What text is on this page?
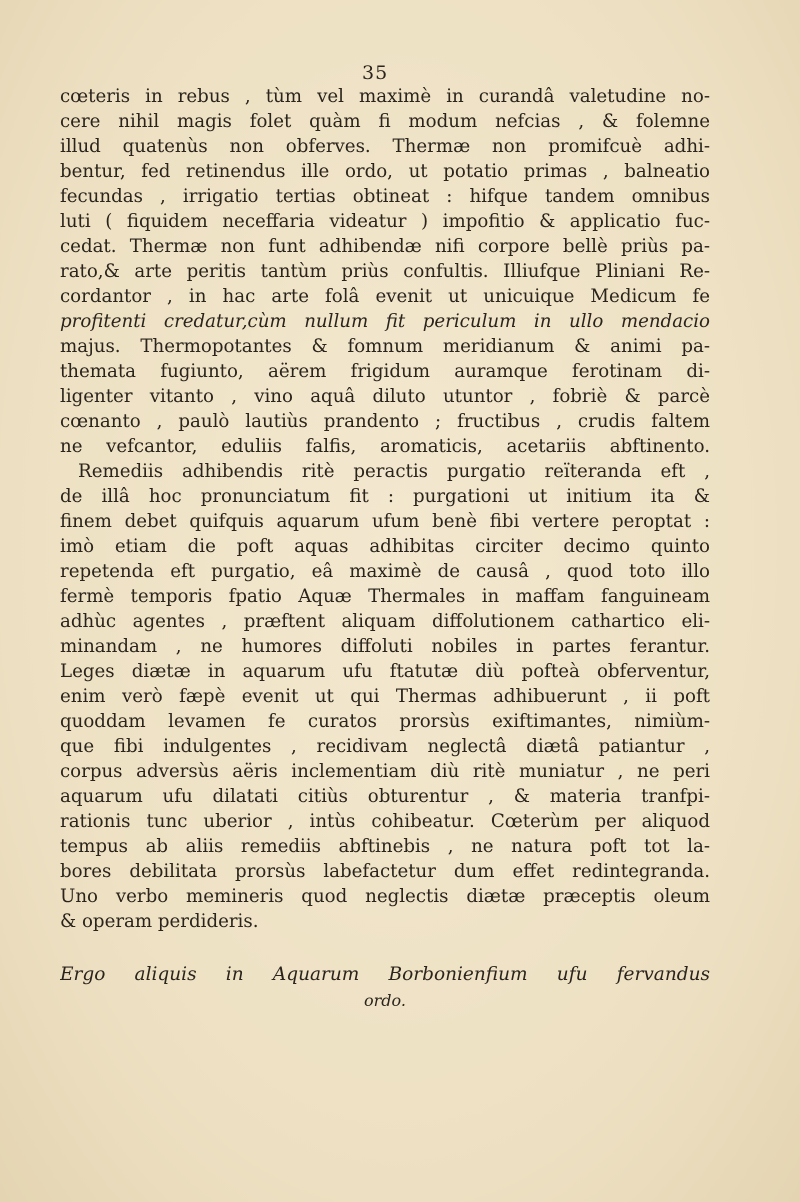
35
cœteris in rebus , tùm vel maximè in curandâ valetudine no-
cere nihil magis folet quàm fi modum nefcias , & folemne
illud quatenùs non obferves. Thermæ non promifcuè adhi-
bentur, fed retinendus ille ordo, ut potatio primas , balneatio
fecundas , irrigatio tertias obtineat : hifque tandem omnibus
luti ( fiquidem neceffaria videatur ) impofitio & applicatio fuc-
cedat. Thermæ non funt adhibendæ nifi corpore bellè priùs pa-
rato,& arte peritis tantùm priùs confultis. Illiufque Pliniani Re-
cordantor , in hac arte folâ evenit ut unicuique Medicum fe
profitenti credatur,cùm nullum fit periculum in ullo mendacio
majus. Thermopotantes & fomnum meridianum & animi pa-
themata fugiunto, aërem frigidum auramque ferotinam di-
ligenter vitanto , vino aquâ diluto utuntor , fobriè & parcè
cœnanto , paulò lautiùs prandento ; fructibus , crudis faltem
ne vefcantor, eduliis falfis, aromaticis, acetariis abftinento.
Remediis adhibendis ritè peractis purgatio reïteranda eft ,
de illâ hoc pronunciatum fit : purgationi ut initium ita &
finem debet quifquis aquarum ufum benè fibi vertere peroptat :
imò etiam die poft aquas adhibitas circiter decimo quinto
repetenda eft purgatio, eâ maximè de causâ , quod toto illo
fermè temporis fpatio Aquæ Thermales in maffam fanguineam
adhùc agentes , præftent aliquam diffolutionem cathartico eli-
minandam , ne humores diffoluti nobiles in partes ferantur.
Leges diætæ in aquarum ufu ftatutæ diù pofteà obferventur,
enim verò fæpè evenit ut qui Thermas adhibuerunt , ii poft
quoddam levamen fe curatos prorsùs exiftimantes, nimiùm-
que fibi indulgentes , recidivam neglectâ diætâ patiantur ,
corpus adversùs aëris inclementiam diù ritè muniatur , ne peri
aquarum ufu dilatati citiùs obturentur , & materia tranfpi-
rationis tunc uberior , intùs cohibeatur. Cœterùm per aliquod
tempus ab aliis remediis abftinebis , ne natura poft tot la-
bores debilitata prorsùs labefactetur dum effet redintegranda.
Uno verbo memineris quod neglectis diætæ præceptis oleum
& operam perdideris.
Ergo aliquis in Aquarum Borbonienfium ufu fervandus
ordo.
